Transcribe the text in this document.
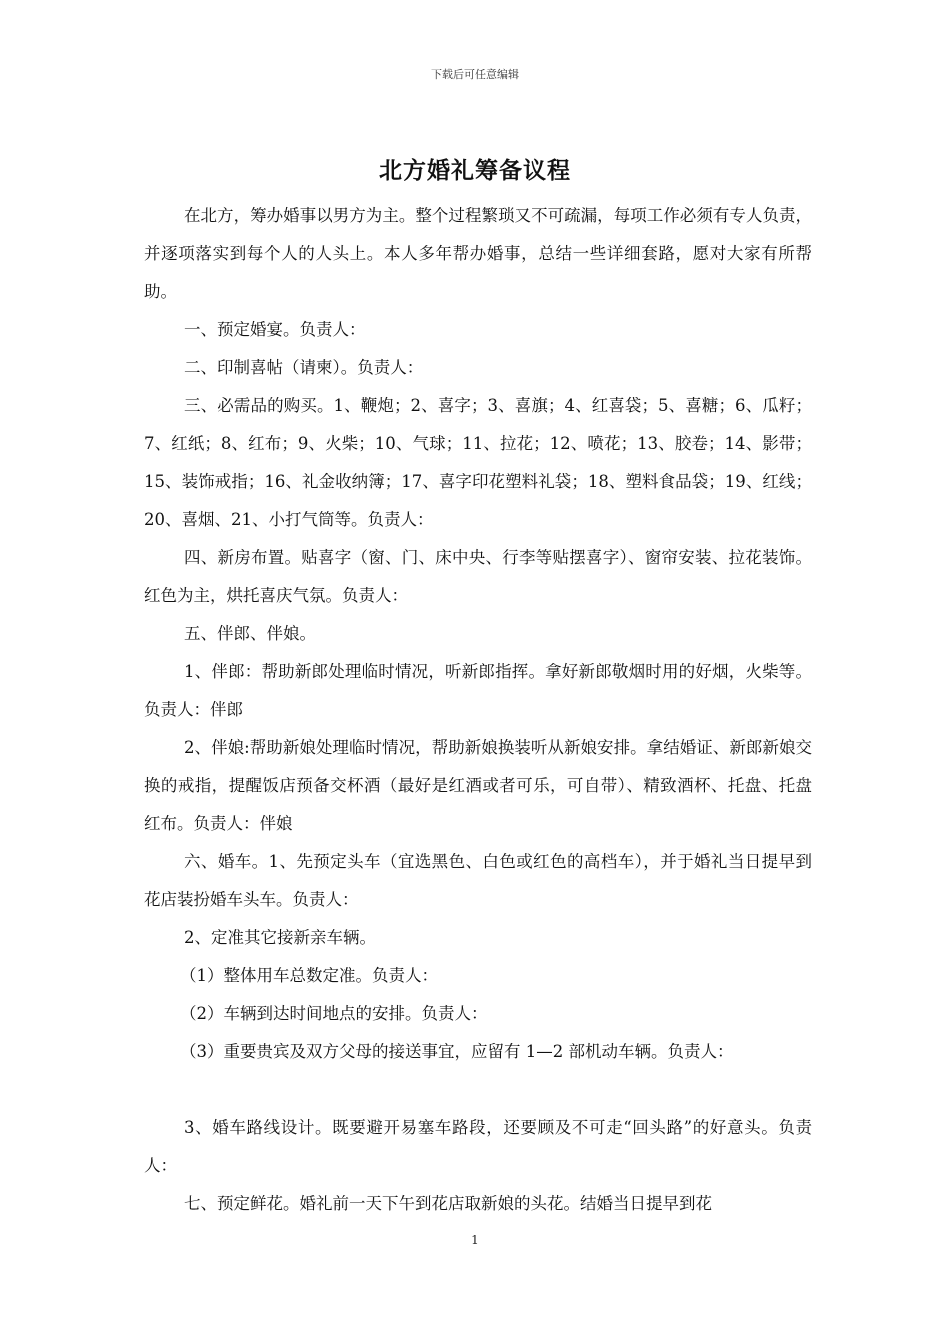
下载后可任意编辑
北方婚礼筹备议程

在北方，筹办婚事以男方为主。整个过程繁琐又不可疏漏，每项工作必须有专人负责，并逐项落实到每个人的人头上。本人多年帮办婚事，总结一些详细套路，愿对大家有所帮助。

一、预定婚宴。负责人：

二、印制喜帖（请柬）。负责人：

三、必需品的购买。1、鞭炮；2、喜字；3、喜旗；4、红喜袋；5、喜糖；6、瓜籽；7、红纸；8、红布；9、火柴；10、气球；11、拉花；12、喷花；13、胶卷；14、影带；15、装饰戒指；16、礼金收纳簿；17、喜字印花塑料礼袋；18、塑料食品袋；19、红线；20、喜烟、21、小打气筒等。负责人：

四、新房布置。贴喜字（窗、门、床中央、行李等贴摆喜字）、窗帘安装、拉花装饰。红色为主，烘托喜庆气氛。负责人：

五、伴郎、伴娘。

1、伴郎：帮助新郎处理临时情况，听新郎指挥。拿好新郎敬烟时用的好烟，火柴等。负责人：伴郎

2、伴娘:帮助新娘处理临时情况，帮助新娘换装听从新娘安排。拿结婚证、新郎新娘交换的戒指，提醒饭店预备交杯酒（最好是红酒或者可乐，可自带）、精致酒杯、托盘、托盘红布。负责人：伴娘

六、婚车。1、先预定头车（宜选黑色、白色或红色的高档车），并于婚礼当日提早到花店装扮婚车头车。负责人：

2、定准其它接新亲车辆。

（1）整体用车总数定准。负责人：

（2）车辆到达时间地点的安排。负责人：

（3）重要贵宾及双方父母的接送事宜，应留有 1—2 部机动车辆。负责人：

3、婚车路线设计。既要避开易塞车路段，还要顾及不可走“回头路”的好意头。负责人：

七、预定鲜花。婚礼前一天下午到花店取新娘的头花。结婚当日提早到花

1
